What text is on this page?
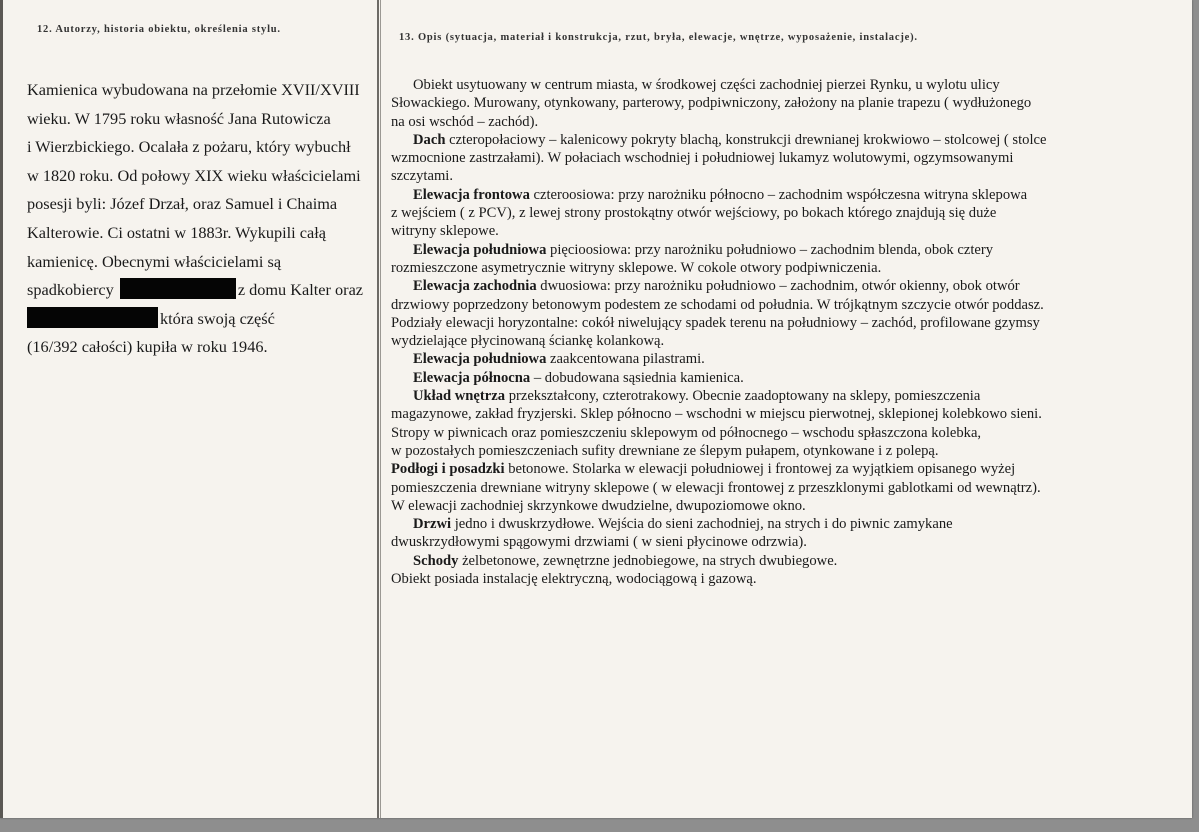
12. Autorzy, historia obiektu, określenia stylu.
13. Opis (sytuacja, materiał i konstrukcja, rzut, bryła, elewacje, wnętrze, wyposażenie, instalacje).
Kamienica wybudowana na przełomie XVII/XVIII
wieku. W 1795 roku własność Jana Rutowicza
i Wierzbickiego. Ocalała z pożaru, który wybuchł
w 1820 roku. Od połowy XIX wieku właścicielami
posesji byli: Józef Drzał, oraz Samuel i Chaima
Kalterowie. Ci ostatni w 1883r. Wykupili całą
kamienicę. Obecnymi właścicielami są
spadkobiercy	z domu Kalter oraz
która swoją część
(16/392 całości) kupiła w roku 1946.
Obiekt usytuowany w centrum miasta, w środkowej części zachodniej pierzei Rynku, u wylotu ulicy
Słowackiego. Murowany, otynkowany, parterowy, podpiwniczony, założony na planie trapezu ( wydłużonego
na osi wschód – zachód).
Dach czteropołaciowy – kalenicowy pokryty blachą, konstrukcji drewnianej krokwiowo – stolcowej ( stolce
wzmocnione zastrzałami). W połaciach wschodniej i południowej lukamyz wolutowymi, ogzymsowanymi
szczytami.
Elewacja frontowa czteroosiowa: przy narożniku północno – zachodnim współczesna witryna sklepowa
z wejściem ( z PCV), z lewej strony prostokątny otwór wejściowy, po bokach którego znajdują się duże
witryny sklepowe.
Elewacja południowa pięcioosiowa: przy narożniku południowo – zachodnim blenda, obok cztery
rozmieszczone asymetrycznie witryny sklepowe. W cokole otwory podpiwniczenia.
Elewacja zachodnia dwuosiowa: przy narożniku południowo – zachodnim, otwór okienny, obok otwór
drzwiowy poprzedzony betonowym podestem ze schodami od południa. W trójkątnym szczycie otwór poddasz.
Podziały elewacji horyzontalne: cokół niwelujący spadek terenu na południowy – zachód, profilowane gzymsy
wydzielające płycinowaną ściankę kolankową.
Elewacja południowa zaakcentowana pilastrami.
Elewacja północna – dobudowana sąsiednia kamienica.
Układ wnętrza przekształcony, czterotrakowy. Obecnie zaadoptowany na sklepy, pomieszczenia
magazynowe, zakład fryzjerski. Sklep północno – wschodni w miejscu pierwotnej, sklepionej kolebkowo sieni.
Stropy w piwnicach oraz pomieszczeniu sklepowym od północnego – wschodu spłaszczona kolebka,
w pozostałych pomieszczeniach sufity drewniane ze ślepym pułapem, otynkowane i z polepą.
Podłogi i posadzki betonowe. Stolarka w elewacji południowej i frontowej za wyjątkiem opisanego wyżej
pomieszczenia drewniane witryny sklepowe ( w elewacji frontowej z przeszklonymi gablotkami od wewnątrz).
W elewacji zachodniej skrzynkowe dwudzielne, dwupoziomowe okno.
Drzwi jedno i dwuskrzydłowe. Wejścia do sieni zachodniej, na strych i do piwnic zamykane
dwuskrzydłowymi spągowymi drzwiami ( w sieni płycinowe odrzwia).
Schody żelbetonowe, zewnętrzne jednobiegowe, na strych dwubiegowe.
Obiekt posiada instalację elektryczną, wodociągową i gazową.
